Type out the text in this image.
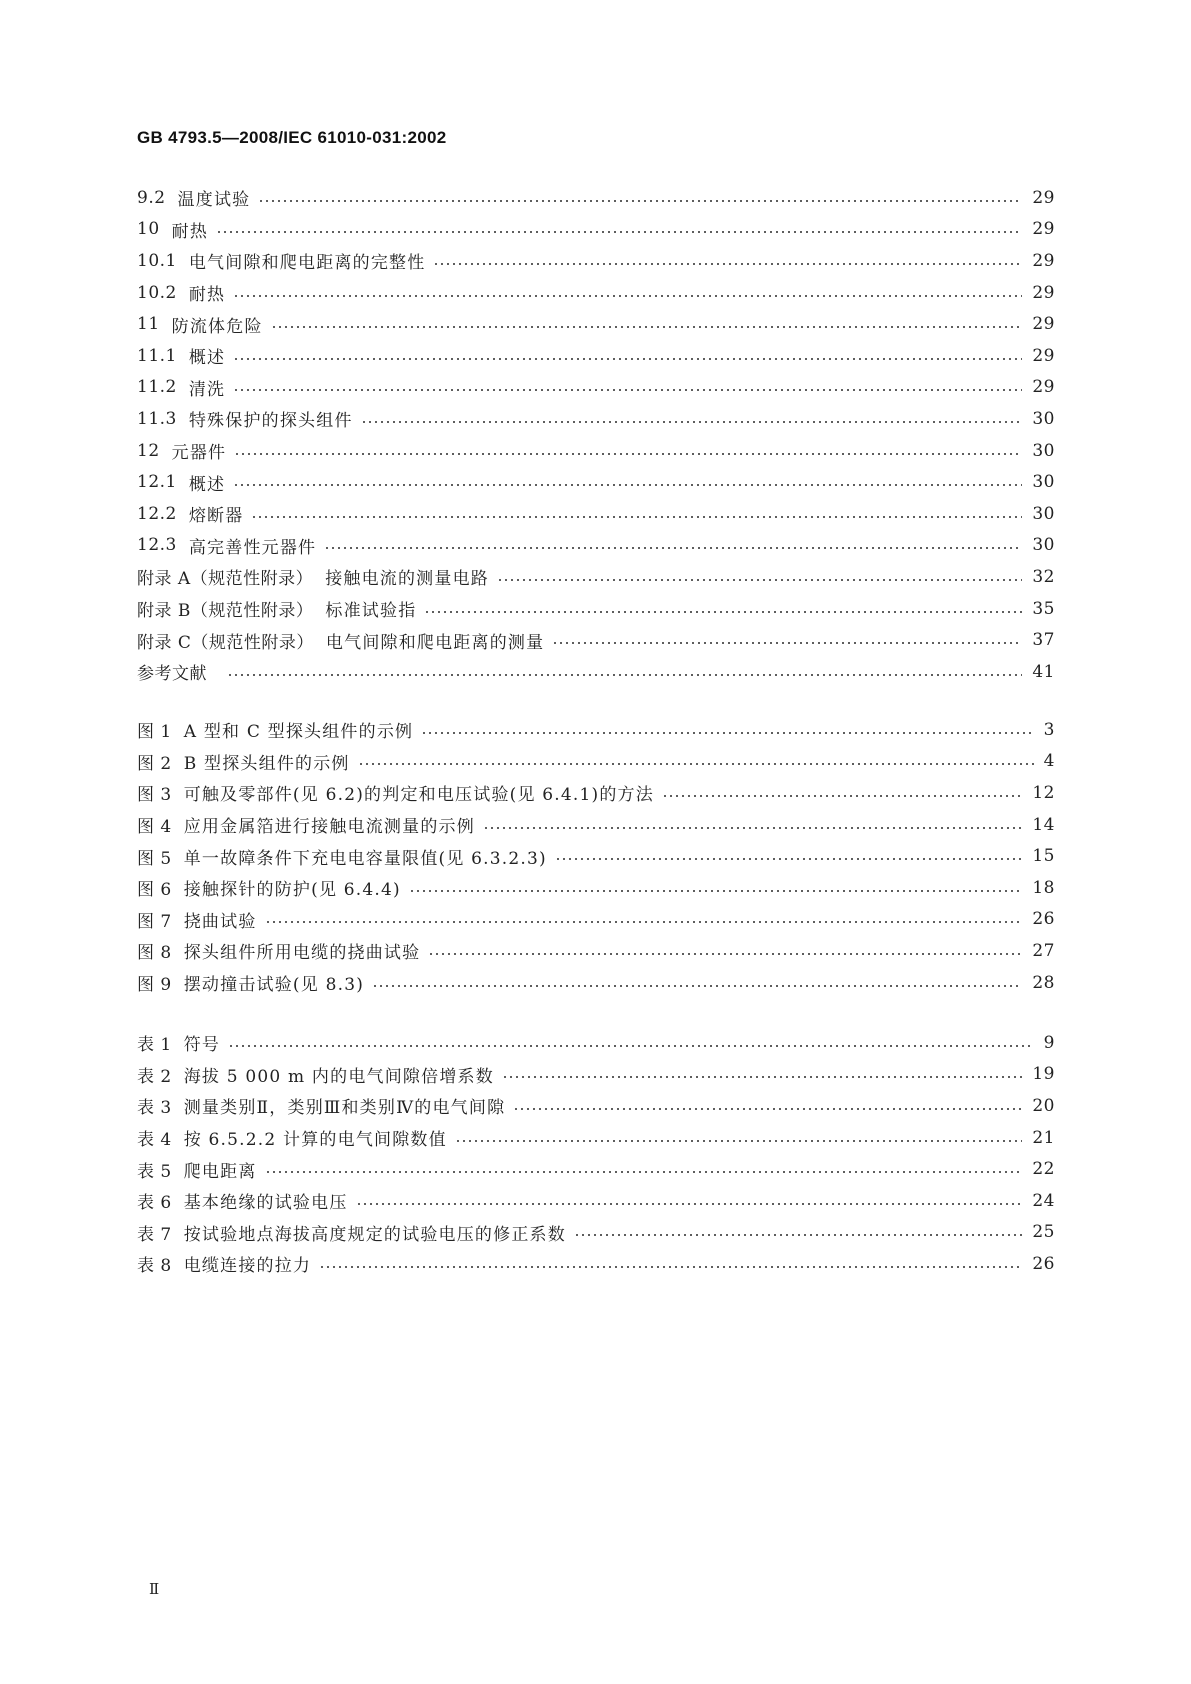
GB 4793.5—2008/IEC 61010-031:2002
9.2 温度试验	29
10 耐热	29
10.1 电气间隙和爬电距离的完整性	29
10.2 耐热	29
11 防流体危险	29
11.1 概述	29
11.2 清洗	29
11.3 特殊保护的探头组件	30
12 元器件	30
12.1 概述	30
12.2 熔断器	30
12.3 高完善性元器件	30
附录 A（规范性附录） 接触电流的测量电路	32
附录 B（规范性附录） 标准试验指	35
附录 C（规范性附录） 电气间隙和爬电距离的测量	37
参考文献	41
图 1 A 型和 C 型探头组件的示例	3
图 2 B 型探头组件的示例	4
图 3 可触及零部件(见 6.2)的判定和电压试验(见 6.4.1)的方法	12
图 4 应用金属箔进行接触电流测量的示例	14
图 5 单一故障条件下充电电容量限值(见 6.3.2.3)	15
图 6 接触探针的防护(见 6.4.4)	18
图 7 挠曲试验	26
图 8 探头组件所用电缆的挠曲试验	27
图 9 摆动撞击试验(见 8.3)	28
表 1 符号	9
表 2 海拔 5 000 m 内的电气间隙倍增系数	19
表 3 测量类别Ⅱ，类别Ⅲ和类别Ⅳ的电气间隙	20
表 4 按 6.5.2.2 计算的电气间隙数值	21
表 5 爬电距离	22
表 6 基本绝缘的试验电压	24
表 7 按试验地点海拔高度规定的试验电压的修正系数	25
表 8 电缆连接的拉力	26
Ⅱ
